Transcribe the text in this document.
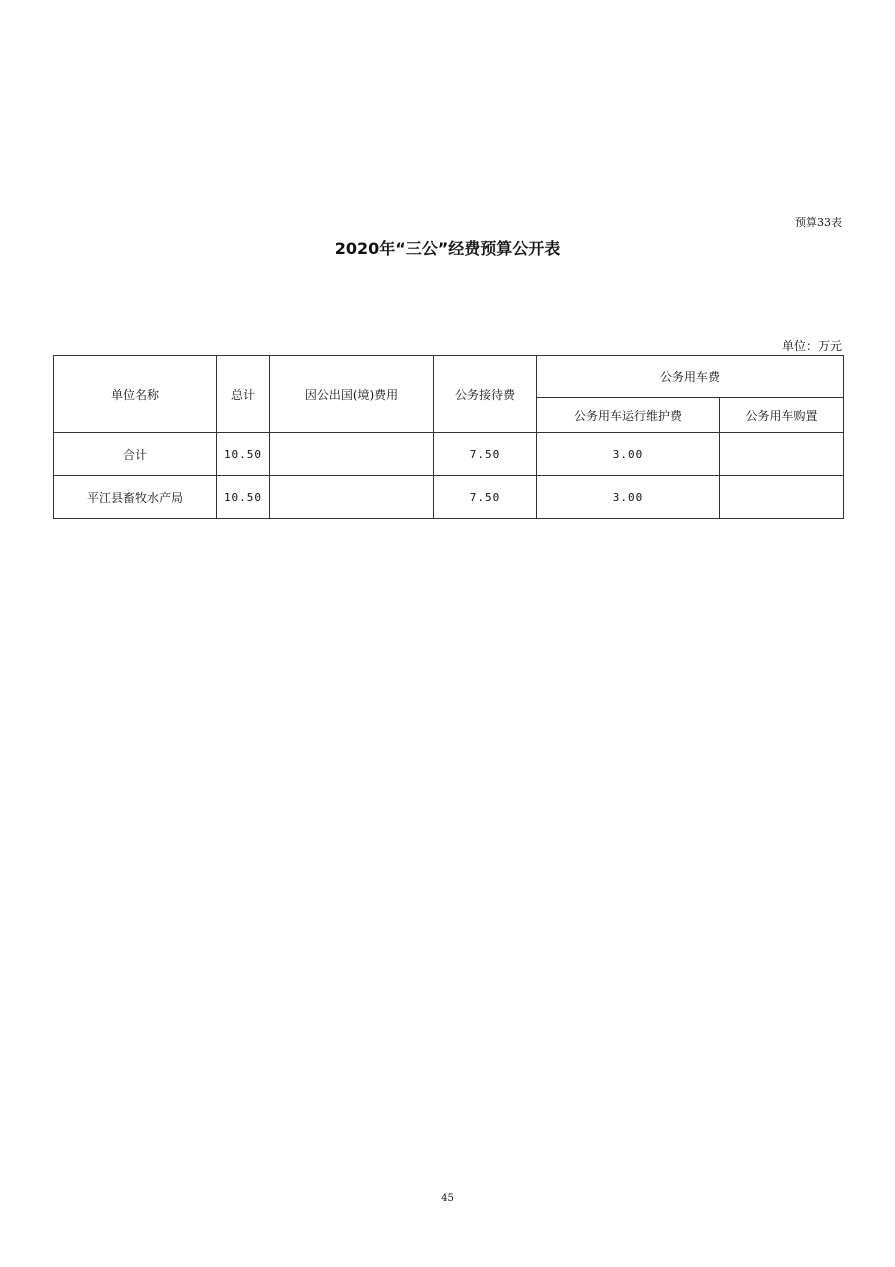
预算33表
2020年“三公”经费预算公开表
单位：万元
单位名称	总计	因公出国(境)费用	公务接待费	公务用车费	
				公务用车运行维护费	公务用车购置
合计	10.50		7.50	3.00	
平江县畜牧水产局	10.50		7.50	3.00	
45
